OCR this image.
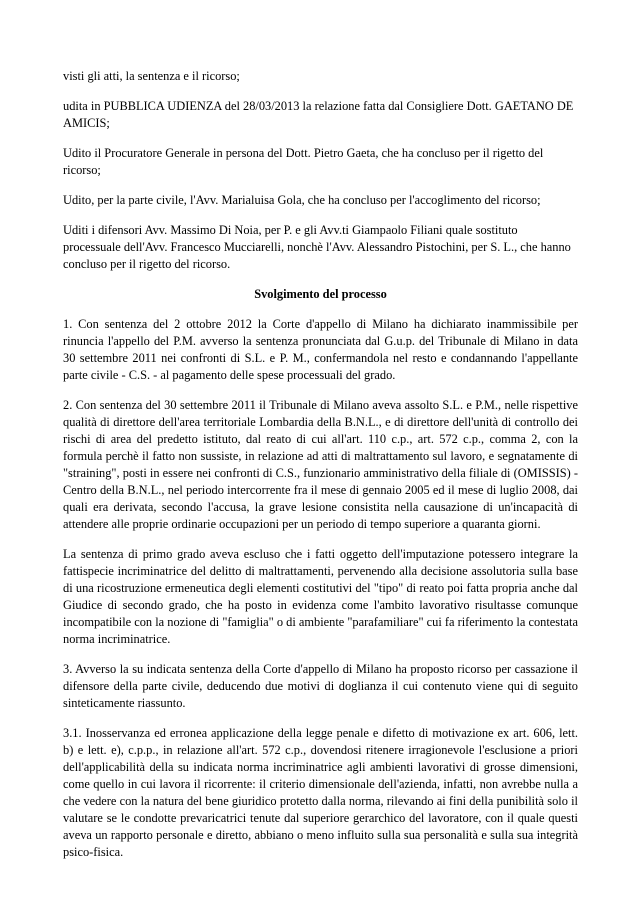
visti gli atti, la sentenza e il ricorso;

udita in PUBBLICA UDIENZA del 28/03/2013 la relazione fatta dal Consigliere Dott. GAETANO DE AMICIS;

Udito il Procuratore Generale in persona del Dott. Pietro Gaeta, che ha concluso per il rigetto del ricorso;

Udito, per la parte civile, l'Avv. Marialuisa Gola, che ha concluso per l'accoglimento del ricorso;

Uditi i difensori Avv. Massimo Di Noia, per P. e gli Avv.ti Giampaolo Filiani quale sostituto processuale dell'Avv. Francesco Mucciarelli, nonchè l'Avv. Alessandro Pistochini, per S. L., che hanno concluso per il rigetto del ricorso.

Svolgimento del processo

1. Con sentenza del 2 ottobre 2012 la Corte d'appello di Milano ha dichiarato inammissibile per rinuncia l'appello del P.M. avverso la sentenza pronunciata dal G.u.p. del Tribunale di Milano in data 30 settembre 2011 nei confronti di S.L. e P. M., confermandola nel resto e condannando l'appellante parte civile - C.S. - al pagamento delle spese processuali del grado.

2. Con sentenza del 30 settembre 2011 il Tribunale di Milano aveva assolto S.L. e P.M., nelle rispettive qualità di direttore dell'area territoriale Lombardia della B.N.L., e di direttore dell'unità di controllo dei rischi di area del predetto istituto, dal reato di cui all'art. 110 c.p., art. 572 c.p., comma 2, con la formula perchè il fatto non sussiste, in relazione ad atti di maltrattamento sul lavoro, e segnatamente di "straining", posti in essere nei confronti di C.S., funzionario amministrativo della filiale di (OMISSIS) - Centro della B.N.L., nel periodo intercorrente fra il mese di gennaio 2005 ed il mese di luglio 2008, dai quali era derivata, secondo l'accusa, la grave lesione consistita nella causazione di un'incapacità di attendere alle proprie ordinarie occupazioni per un periodo di tempo superiore a quaranta giorni.

La sentenza di primo grado aveva escluso che i fatti oggetto dell'imputazione potessero integrare la fattispecie incriminatrice del delitto di maltrattamenti, pervenendo alla decisione assolutoria sulla base di una ricostruzione ermeneutica degli elementi costitutivi del "tipo" di reato poi fatta propria anche dal Giudice di secondo grado, che ha posto in evidenza come l'ambito lavorativo risultasse comunque incompatibile con la nozione di "famiglia" o di ambiente "parafamiliare" cui fa riferimento la contestata norma incriminatrice.

3. Avverso la su indicata sentenza della Corte d'appello di Milano ha proposto ricorso per cassazione il difensore della parte civile, deducendo due motivi di doglianza il cui contenuto viene qui di seguito sinteticamente riassunto.

3.1. Inosservanza ed erronea applicazione della legge penale e difetto di motivazione ex art. 606, lett. b) e lett. e), c.p.p., in relazione all'art. 572 c.p., dovendosi ritenere irragionevole l'esclusione a priori dell'applicabilità della su indicata norma incriminatrice agli ambienti lavorativi di grosse dimensioni, come quello in cui lavora il ricorrente: il criterio dimensionale dell'azienda, infatti, non avrebbe nulla a che vedere con la natura del bene giuridico protetto dalla norma, rilevando ai fini della punibilità solo il valutare se le condotte prevaricatrici tenute dal superiore gerarchico del lavoratore, con il quale questi aveva un rapporto personale e diretto, abbiano o meno influito sulla sua personalità e sulla sua integrità psico-fisica.
